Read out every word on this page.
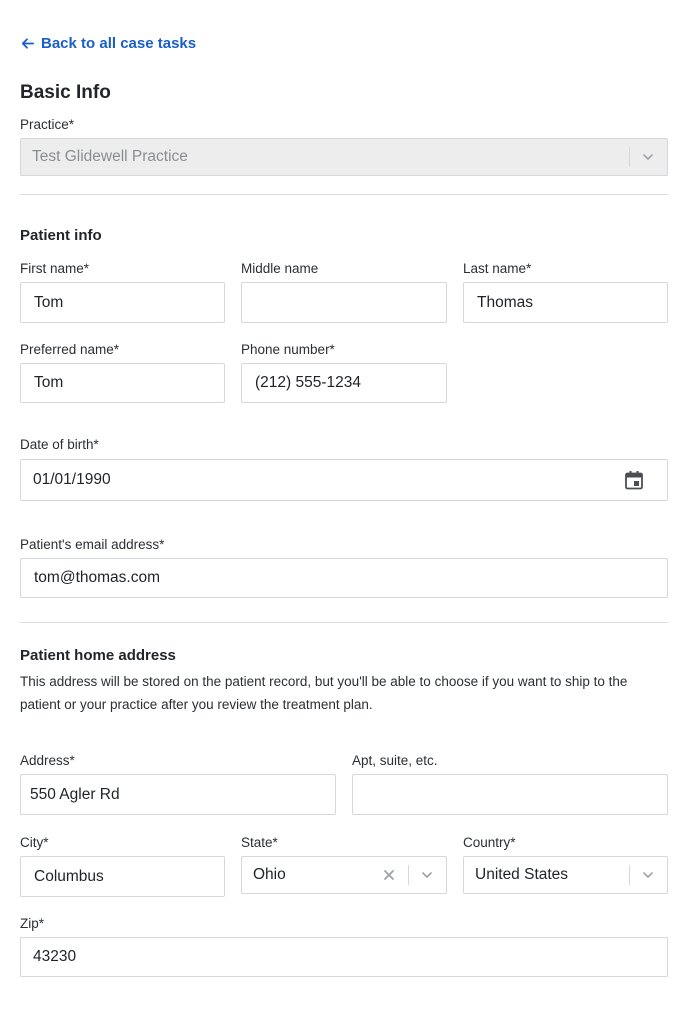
Back to all case tasks
Basic Info
Practice*
Test Glidewell Practice
Patient info
First name*
Tom
Middle name	Last name*
Thomas
Preferred name*
Tom
Phone number*
(212) 555-1234
Date of birth*
01/01/1990
Patient's email address*
tom@thomas.com
Patient home address
This address will be stored on the patient record, but you'll be able to choose if you want to ship to the patient or your practice after you review the treatment plan.
Address*
550 Agler Rd
Apt, suite, etc.
City*
Columbus
State*
Ohio
Country*
United States
Zip*
43230
